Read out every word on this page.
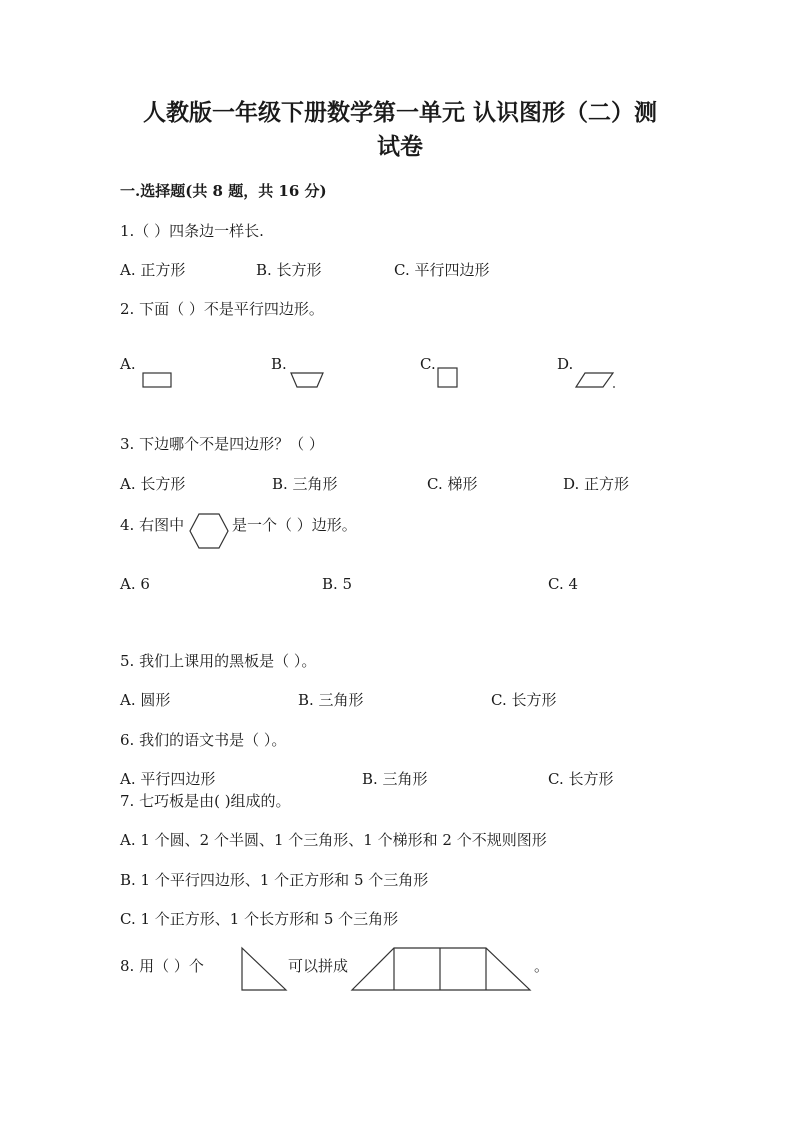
人教版一年级下册数学第一单元 认识图形（二）测
试卷
一.选择题(共 8 题，共 16 分)
1.（ ）四条边一样长.
A. 正方形	B. 长方形	C. 平行四边形
2. 下面（ ）不是平行四边形。
A.	B.	C.	D.
3. 下边哪个不是四边形？（ ）
A. 长方形	B. 三角形	C. 梯形	D. 正方形
4. 右图中	是一个（ ）边形。
A. 6	B. 5	C. 4
5. 我们上课用的黑板是（ ）。
A. 圆形	B. 三角形	C. 长方形
6. 我们的语文书是（ ）。
A. 平行四边形	B. 三角形	C. 长方形
7. 七巧板是由( )组成的。
A. 1 个圆、2 个半圆、1 个三角形、1 个梯形和 2 个不规则图形
B. 1 个平行四边形、1 个正方形和 5 个三角形
C. 1 个正方形、1 个长方形和 5 个三角形
8. 用（ ）个	可以拼成	。
